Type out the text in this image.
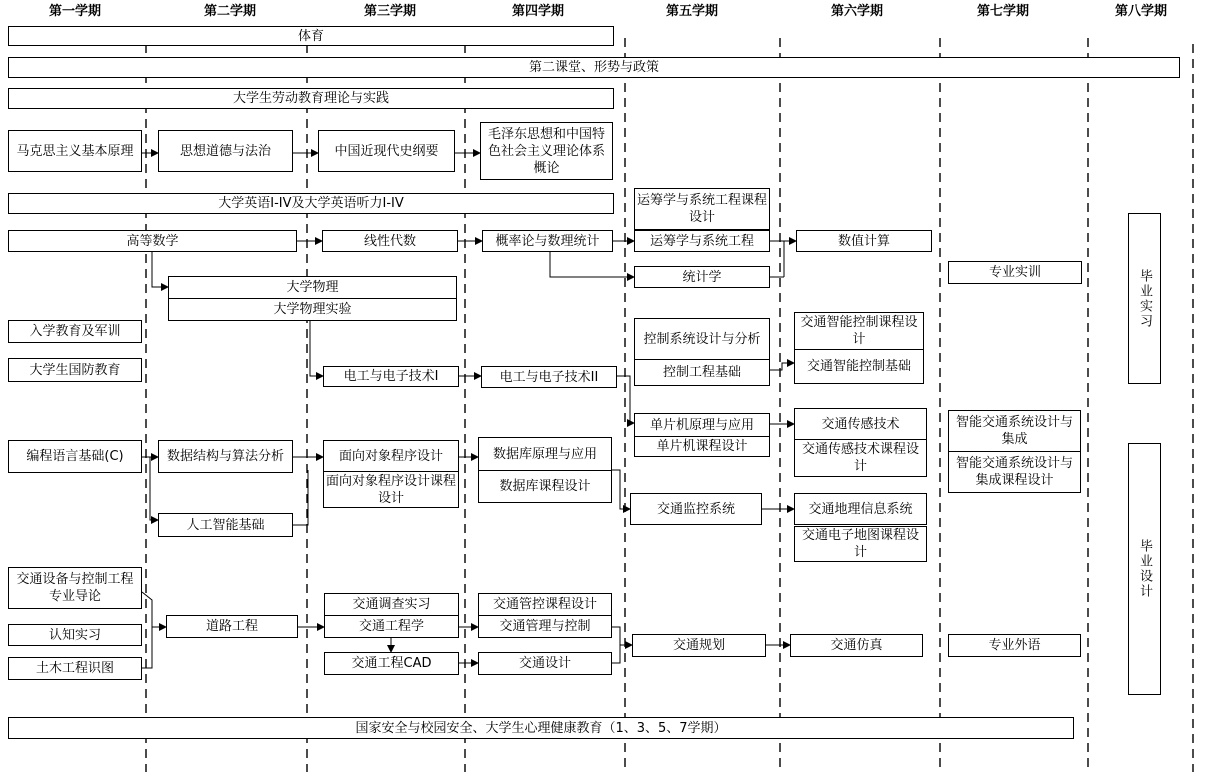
第一学期	第二学期	第三学期	第四学期	第五学期	第六学期	第七学期	第八学期
体育
第二课堂、形势与政策
大学生劳动教育理论与实践
马克思主义基本原理	思想道德与法治	中国近现代史纲要
毛泽东思想和中国特色社会主义理论体系概论
大学英语I-IV及大学英语听力I-IV
高等数学	线性代数	概率论与数理统计
运筹学与系统工程课程设计
运筹学与系统工程	数值计算
统计学	专业实训
大学物理
大学物理实验
入学教育及军训
大学生国防教育	电工与电子技术I	电工与电子技术II
控制系统设计与分析
控制工程基础
交通智能控制课程设计
交通智能控制基础
单片机原理与应用
单片机课程设计
交通传感技术
交通传感技术课程设计
智能交通系统设计与集成
智能交通系统设计与集成课程设计
编程语言基础(C)	数据结构与算法分析	面向对象程序设计
面向对象程序设计课程设计
数据库原理与应用
数据库课程设计
人工智能基础
交通监控系统	交通地理信息系统
交通电子地图课程设计
交通设备与控制工程专业导论
认知实习
土木工程识图
道路工程
交通调查实习
交通工程学
交通工程CAD
交通管控课程设计
交通管理与控制
交通设计
交通规划	交通仿真	专业外语
毕业实习
毕业设计
国家安全与校园安全、大学生心理健康教育（1、3、5、7学期）
